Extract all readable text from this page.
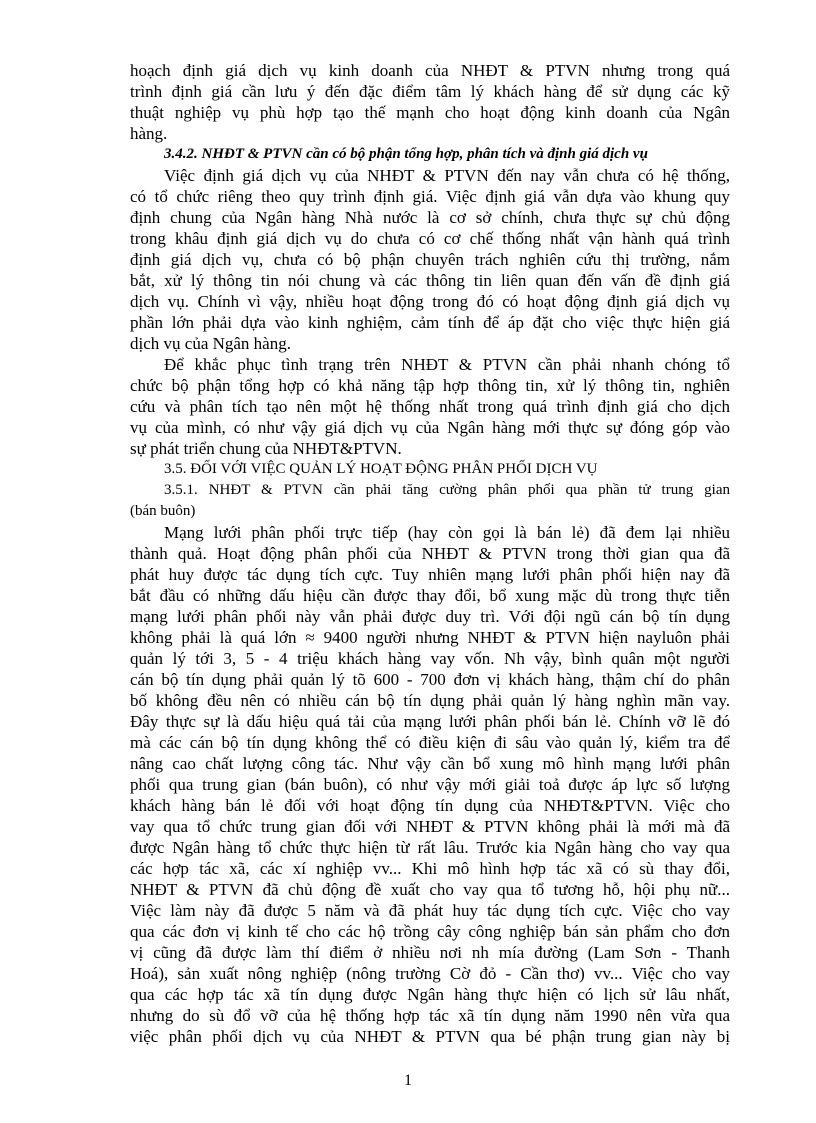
hoạch định giá dịch vụ kinh doanh của NHĐT & PTVN nhưng trong quá
trình định giá cần lưu ý đến đặc điểm tâm lý khách hàng để sử dụng các kỹ
thuật nghiệp vụ phù hợp tạo thế mạnh cho hoạt động kinh doanh của Ngân
hàng.
3.4.2. NHĐT & PTVN cần có bộ phận tổng hợp, phân tích và định giá dịch vụ
Việc định giá dịch vụ của NHĐT & PTVN đến nay vẫn chưa có hệ thống,
có tổ chức riêng theo quy trình định giá. Việc định giá vẫn dựa vào khung quy
định chung của Ngân hàng Nhà nước là cơ sở chính, chưa thực sự chủ động
trong khâu định giá dịch vụ do chưa có cơ chế thống nhất vận hành quá trình
định giá dịch vụ, chưa có bộ phận chuyên trách nghiên cứu thị trường, nắm
bắt, xử lý thông tin nói chung và các thông tin liên quan đến vấn đề định giá
dịch vụ. Chính vì vậy, nhiều hoạt động trong đó có hoạt động định giá dịch vụ
phần lớn phải dựa vào kinh nghiệm, cảm tính để áp đặt cho việc thực hiện giá
dịch vụ của Ngân hàng.
Để khắc phục tình trạng trên NHĐT & PTVN cần phải nhanh chóng tổ
chức bộ phận tổng hợp có khả năng tập hợp thông tin, xử lý thông tin, nghiên
cứu và phân tích tạo nên một hệ thống nhất trong quá trình định giá cho dịch
vụ của mình, có như vậy giá dịch vụ của Ngân hàng mới thực sự đóng góp vào
sự phát triển chung của NHĐT&PTVN.
3.5. ĐỐI VỚI VIỆC QUẢN LÝ HOẠT ĐỘNG PHÂN PHỐI DỊCH VỤ
3.5.1. NHĐT & PTVN cần phải tăng cường phân phối qua phần tử trung gian
(bán buôn)
Mạng lưới phân phối trực tiếp (hay còn gọi là bán lẻ) đã đem lại nhiều
thành quả. Hoạt động phân phối của NHĐT & PTVN trong thời gian qua đã
phát huy được tác dụng tích cực. Tuy nhiên mạng lưới phân phối hiện nay đã
bắt đầu có những dấu hiệu cần được thay đổi, bổ xung mặc dù trong thực tiễn
mạng lưới phân phối này vẫn phải được duy trì. Với đội ngũ cán bộ tín dụng
không phải là quá lớn ≈ 9400 người nhưng NHĐT & PTVN hiện nayluôn phải
quản lý tới 3, 5 - 4 triệu khách hàng vay vốn. Nh vậy, bình quân một người
cán bộ tín dụng phải quản lý tõ 600 - 700 đơn vị khách hàng, thậm chí do phân
bố không đều nên có nhiều cán bộ tín dụng phải quản lý hàng nghìn mãn vay.
Đây thực sự là dấu hiệu quá tải của mạng lưới phân phối bán lẻ. Chính vỡ lẽ đó
mà các cán bộ tín dụng không thể có điều kiện đi sâu vào quản lý, kiểm tra để
nâng cao chất lượng công tác. Như vậy cần bổ xung mô hình mạng lưới phân
phối qua trung gian (bán buôn), có như vậy mới giải toả được áp lực số lượng
khách hàng bán lẻ đối với hoạt động tín dụng của NHĐT&PTVN. Việc cho
vay qua tổ chức trung gian đối với NHĐT & PTVN không phải là mới mà đã
được Ngân hàng tổ chức thực hiện từ rất lâu. Trước kia Ngân hàng cho vay qua
các hợp tác xã, các xí nghiệp vv... Khi mô hình hợp tác xã có sù thay đổi,
NHĐT & PTVN đã chủ động đề xuất cho vay qua tổ tương hỗ, hội phụ nữ...
Việc làm này đã được 5 năm và đã phát huy tác dụng tích cực. Việc cho vay
qua các đơn vị kinh tế cho các hộ trồng cây công nghiệp bán sản phẩm cho đơn
vị cũng đã được làm thí điểm ở nhiều nơi nh mía đường (Lam Sơn - Thanh
Hoá), sản xuất nông nghiệp (nông trường Cờ đỏ - Cần thơ) vv... Việc cho vay
qua các hợp tác xã tín dụng được Ngân hàng thực hiện có lịch sử lâu nhất,
nhưng do sù đổ vỡ của hệ thống hợp tác xã tín dụng năm 1990 nên vừa qua
việc phân phối dịch vụ của NHĐT & PTVN qua bé phận trung gian này bị
1
